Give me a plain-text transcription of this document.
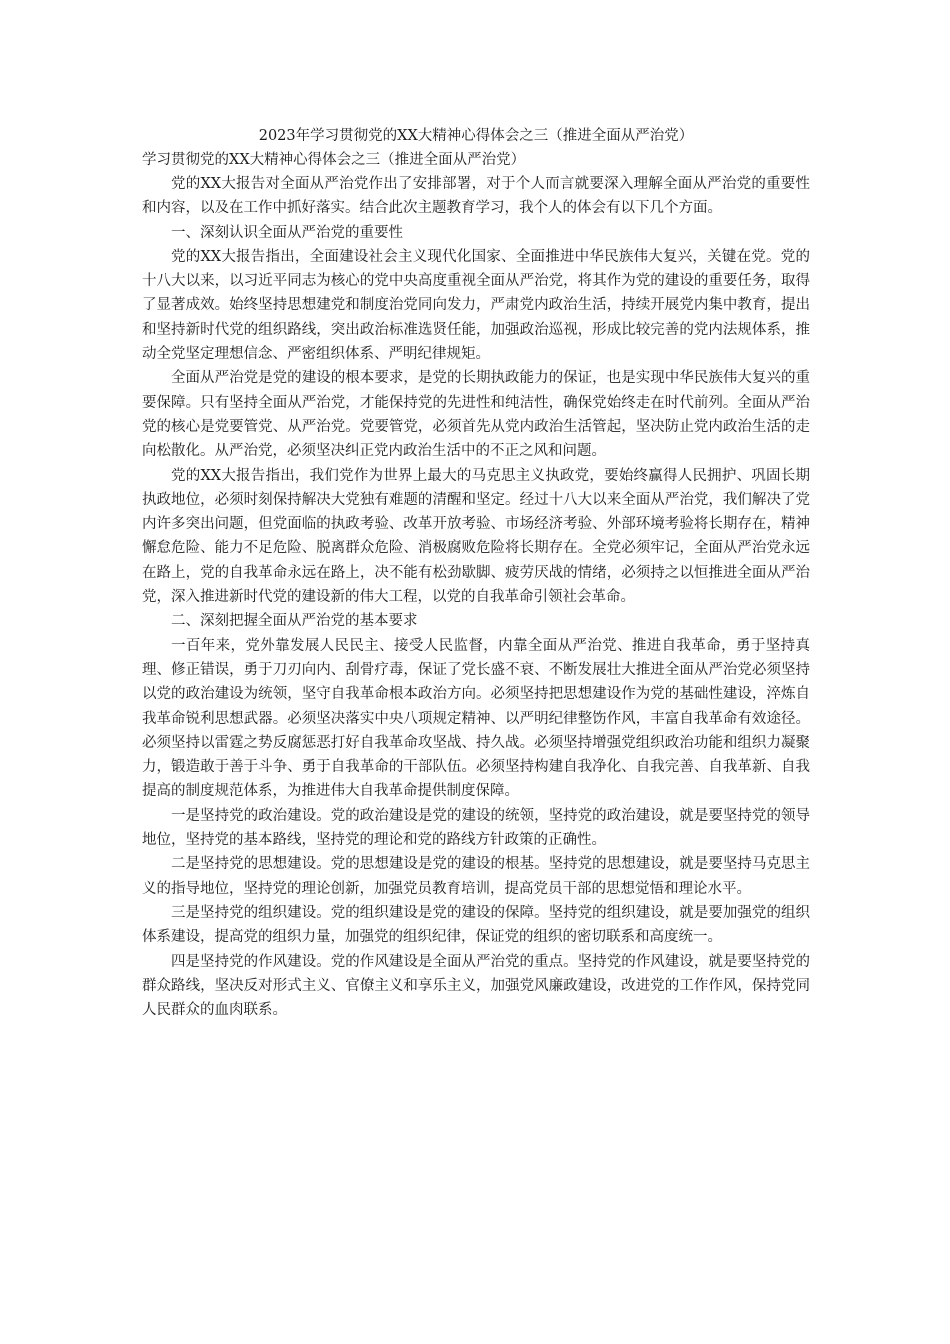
2023年学习贯彻党的XX大精神心得体会之三（推进全面从严治党）

学习贯彻党的XX大精神心得体会之三（推进全面从严治党）

党的XX大报告对全面从严治党作出了安排部署，对于个人而言就要深入理解全面从严治党的重要性和内容，以及在工作中抓好落实。结合此次主题教育学习，我个人的体会有以下几个方面。

一、深刻认识全面从严治党的重要性

党的XX大报告指出，全面建设社会主义现代化国家、全面推进中华民族伟大复兴，关键在党。党的十八大以来，以习近平同志为核心的党中央高度重视全面从严治党，将其作为党的建设的重要任务，取得了显著成效。始终坚持思想建党和制度治党同向发力，严肃党内政治生活，持续开展党内集中教育，提出和坚持新时代党的组织路线，突出政治标准选贤任能，加强政治巡视，形成比较完善的党内法规体系，推动全党坚定理想信念、严密组织体系、严明纪律规矩。

全面从严治党是党的建设的根本要求，是党的长期执政能力的保证，也是实现中华民族伟大复兴的重要保障。只有坚持全面从严治党，才能保持党的先进性和纯洁性，确保党始终走在时代前列。全面从严治党的核心是党要管党、从严治党。党要管党，必须首先从党内政治生活管起，坚决防止党内政治生活的走向松散化。从严治党，必须坚决纠正党内政治生活中的不正之风和问题。

党的XX大报告指出，我们党作为世界上最大的马克思主义执政党，要始终赢得人民拥护、巩固长期执政地位，必须时刻保持解决大党独有难题的清醒和坚定。经过十八大以来全面从严治党，我们解决了党内许多突出问题，但党面临的执政考验、改革开放考验、市场经济考验、外部环境考验将长期存在，精神懈怠危险、能力不足危险、脱离群众危险、消极腐败危险将长期存在。全党必须牢记，全面从严治党永远在路上，党的自我革命永远在路上，决不能有松劲歇脚、疲劳厌战的情绪，必须持之以恒推进全面从严治党，深入推进新时代党的建设新的伟大工程，以党的自我革命引领社会革命。

二、深刻把握全面从严治党的基本要求

一百年来，党外靠发展人民民主、接受人民监督，内靠全面从严治党、推进自我革命，勇于坚持真理、修正错误，勇于刀刃向内、刮骨疗毒，保证了党长盛不衰、不断发展壮大推进全面从严治党必须坚持以党的政治建设为统领，坚守自我革命根本政治方向。必须坚持把思想建设作为党的基础性建设，淬炼自我革命锐利思想武器。必须坚决落实中央八项规定精神、以严明纪律整饬作风，丰富自我革命有效途径。必须坚持以雷霆之势反腐惩恶打好自我革命攻坚战、持久战。必须坚持增强党组织政治功能和组织力凝聚力，锻造敢于善于斗争、勇于自我革命的干部队伍。必须坚持构建自我净化、自我完善、自我革新、自我提高的制度规范体系，为推进伟大自我革命提供制度保障。

一是坚持党的政治建设。党的政治建设是党的建设的统领，坚持党的政治建设，就是要坚持党的领导地位，坚持党的基本路线，坚持党的理论和党的路线方针政策的正确性。

二是坚持党的思想建设。党的思想建设是党的建设的根基。坚持党的思想建设，就是要坚持马克思主义的指导地位，坚持党的理论创新，加强党员教育培训，提高党员干部的思想觉悟和理论水平。

三是坚持党的组织建设。党的组织建设是党的建设的保障。坚持党的组织建设，就是要加强党的组织体系建设，提高党的组织力量，加强党的组织纪律，保证党的组织的密切联系和高度统一。

四是坚持党的作风建设。党的作风建设是全面从严治党的重点。坚持党的作风建设，就是要坚持党的群众路线，坚决反对形式主义、官僚主义和享乐主义，加强党风廉政建设，改进党的工作作风，保持党同人民群众的血肉联系。
